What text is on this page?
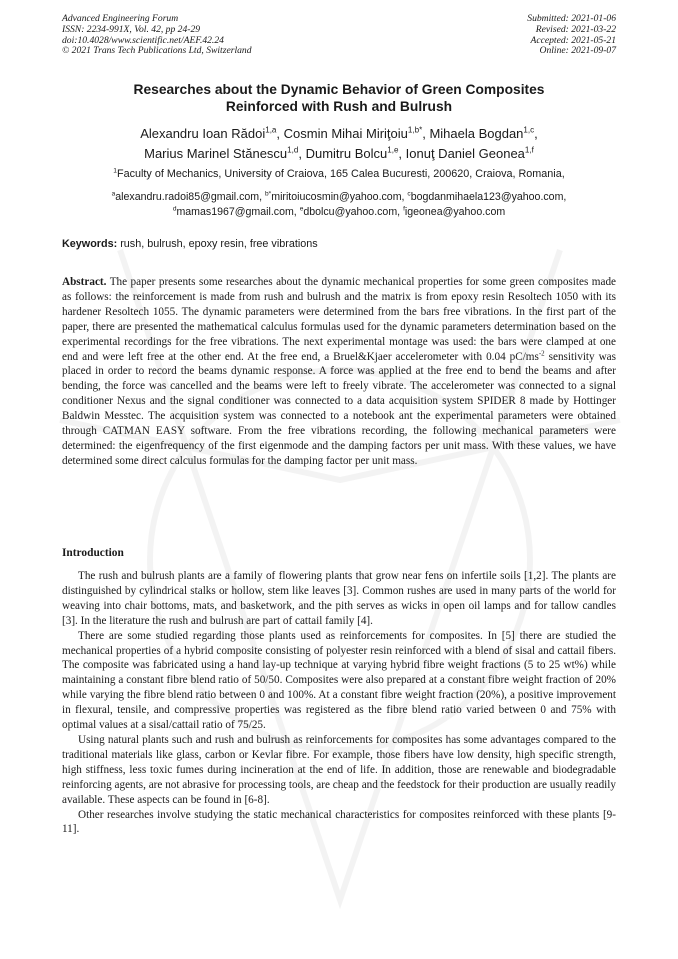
Advanced Engineering Forum
ISSN: 2234-991X, Vol. 42, pp 24-29
doi:10.4028/www.scientific.net/AEF.42.24
© 2021 Trans Tech Publications Ltd, Switzerland
Submitted: 2021-01-06
Revised: 2021-03-22
Accepted: 2021-05-21
Online: 2021-09-07
Researches about the Dynamic Behavior of Green Composites
Reinforced with Rush and Bulrush
Alexandru Ioan Rădoi$^{1,a}$, Cosmin Mihai Miriţoiu$^{1,b*}$, Mihaela Bogdan$^{1,c}$,
Marius Marinel Stănescu$^{1,d}$, Dumitru Bolcu$^{1,e}$, Ionuţ Daniel Geonea$^{1,f}$
$^1$Faculty of Mechanics, University of Craiova, 165 Calea Bucuresti, 200620, Craiova, Romania,
$^a$alexandru.radoi85@gmail.com, $^{b*}$miritoiucosmin@yahoo.com, $^c$bogdanmihaela123@yahoo.com,
$^d$mamas1967@gmail.com, $^e$dbolcu@yahoo.com, $^f$igeonea@yahoo.com
Keywords: rush, bulrush, epoxy resin, free vibrations

Abstract. The paper presents some researches about the dynamic mechanical properties for some green composites made as follows: the reinforcement is made from rush and bulrush and the matrix is from epoxy resin Resoltech 1050 with its hardener Resoltech 1055. The dynamic parameters were determined from the bars free vibrations. In the first part of the paper, there are presented the mathematical calculus formulas used for the dynamic parameters determination based on the experimental recordings for the free vibrations. The next experimental montage was used: the bars were clamped at one end and were left free at the other end. At the free end, a Bruel&Kjaer accelerometer with 0.04 $pC/ms^{-2}$ sensitivity was placed in order to record the beams dynamic response. A force was applied at the free end to bend the beams and after bending, the force was cancelled and the beams were left to freely vibrate. The accelerometer was connected to a signal conditioner Nexus and the signal conditioner was connected to a data acquisition system SPIDER 8 made by Hottinger Baldwin Messtec. The acquisition system was connected to a notebook ant the experimental parameters were obtained through CATMAN EASY software. From the free vibrations recording, the following mechanical parameters were determined: the eigenfrequency of the first eigenmode and the damping factors per unit mass. With these values, we have determined some direct calculus formulas for the damping factor per unit mass.

Introduction

The rush and bulrush plants are a family of flowering plants that grow near fens on infertile soils [1,2]. The plants are distinguished by cylindrical stalks or hollow, stem like leaves [3]. Common rushes are used in many parts of the world for weaving into chair bottoms, mats, and basketwork, and the pith serves as wicks in open oil lamps and for tallow candles [3]. In the literature the rush and bulrush are part of cattail family [4].

There are some studied regarding those plants used as reinforcements for composites. In [5] there are studied the mechanical properties of a hybrid composite consisting of polyester resin reinforced with a blend of sisal and cattail fibers. The composite was fabricated using a hand lay-up technique at varying hybrid fibre weight fractions (5 to 25 wt%) while maintaining a constant fibre blend ratio of 50/50. Composites were also prepared at a constant fibre weight fraction of 20% while varying the fibre blend ratio between 0 and 100%. At a constant fibre weight fraction (20%), a positive improvement in flexural, tensile, and compressive properties was registered as the fibre blend ratio varied between 0 and 75% with optimal values at a sisal/cattail ratio of 75/25.

Using natural plants such and rush and bulrush as reinforcements for composites has some advantages compared to the traditional materials like glass, carbon or Kevlar fibre. For example, those fibers have low density, high specific strength, high stiffness, less toxic fumes during incineration at the end of life. In addition, those are renewable and biodegradable reinforcing agents, are not abrasive for processing tools, are cheap and the feedstock for their production are usually readily available. These aspects can be found in [6-8].

Other researches involve studying the static mechanical characteristics for composites reinforced with these plants [9-11].
